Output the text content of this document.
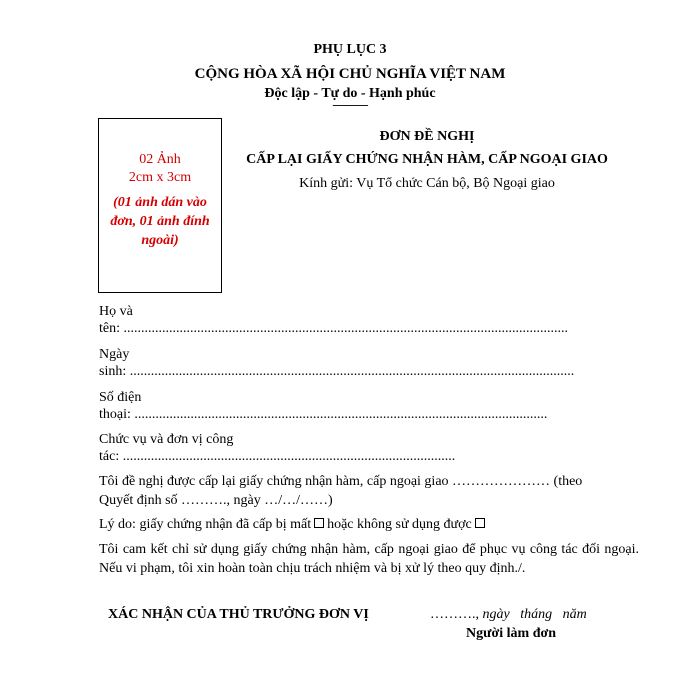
PHỤ LỤC 3
CỘNG HÒA XÃ HỘI CHỦ NGHĨA VIỆT NAM
Độc lập - Tự do - Hạnh phúc
---------------
02 Ảnh
2cm x 3cm
(01 ảnh dán vào đơn, 01 ảnh đính ngoài)
ĐƠN ĐỀ NGHỊ
CẤP LẠI GIẤY CHỨNG NHẬN HÀM, CẤP NGOẠI GIAO
Kính gửi: Vụ Tổ chức Cán bộ, Bộ Ngoại giao
Họ và
tên: ...............................................................................................................................
Ngày
sinh: ...............................................................................................................................
Số điện
thoại: ......................................................................................................................
Chức vụ và đơn vị công
tác: ...............................................................................................
Tôi đề nghị được cấp lại giấy chứng nhận hàm, cấp ngoại giao ………………… (theo
Quyết định số ………., ngày …/…/……)
Lý do: giấy chứng nhận đã cấp bị mất hoặc không sử dụng được
Tôi cam kết chỉ sử dụng giấy chứng nhận hàm, cấp ngoại giao để phục vụ công tác đối ngoại. Nếu vi phạm, tôi xin hoàn toàn chịu trách nhiệm và bị xử lý theo quy định./.
XÁC NHẬN CỦA THỦ TRƯỞNG ĐƠN VỊ	………., ngày   tháng   năm
Người làm đơn
